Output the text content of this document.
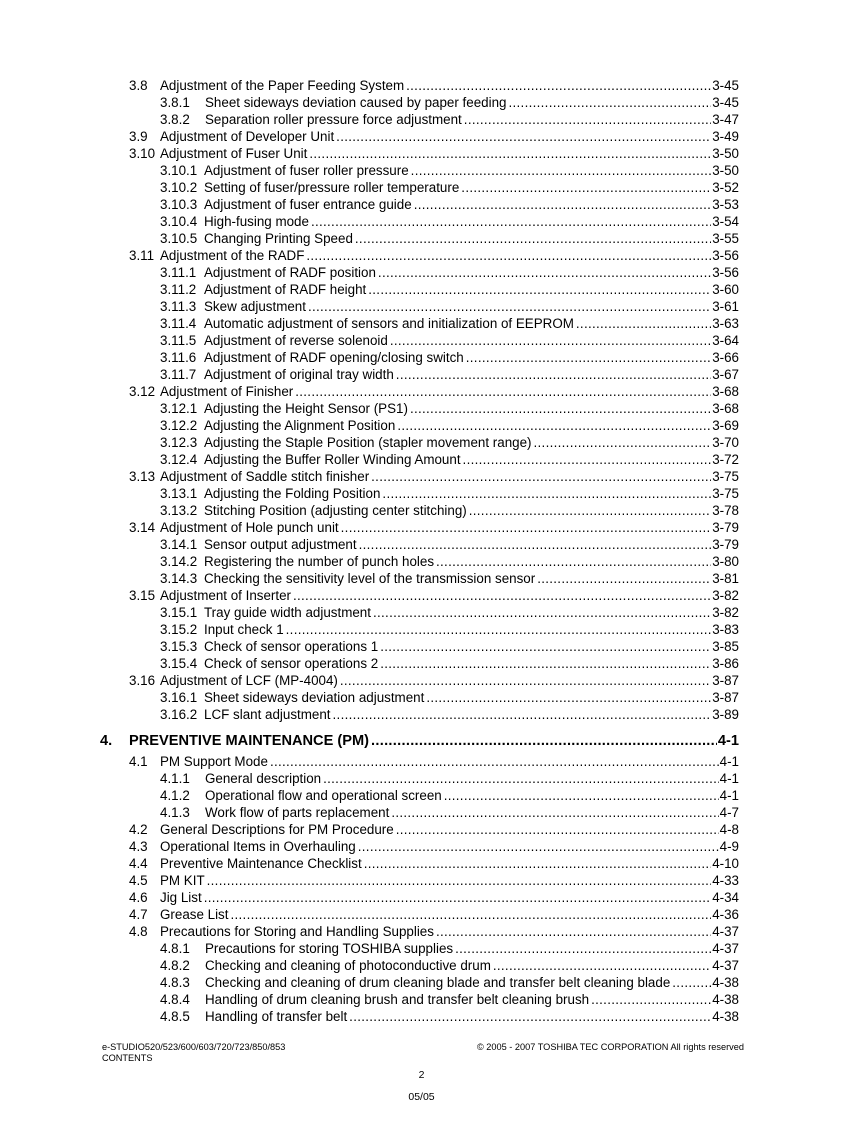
3.8 Adjustment of the Paper Feeding System .....	3-45
3.8.1 Sheet sideways deviation caused by paper feeding .....	3-45
3.8.2 Separation roller pressure force adjustment .....	3-47
3.9 Adjustment of Developer Unit .....	3-49
3.10 Adjustment of Fuser Unit .....	3-50
3.10.1 Adjustment of fuser roller pressure .....	3-50
3.10.2 Setting of fuser/pressure roller temperature .....	3-52
3.10.3 Adjustment of fuser entrance guide .....	3-53
3.10.4 High-fusing mode .....	3-54
3.10.5 Changing Printing Speed .....	3-55
3.11 Adjustment of the RADF .....	3-56
3.11.1 Adjustment of RADF position .....	3-56
3.11.2 Adjustment of RADF height .....	3-60
3.11.3 Skew adjustment .....	3-61
3.11.4 Automatic adjustment of sensors and initialization of EEPROM .....	3-63
3.11.5 Adjustment of reverse solenoid .....	3-64
3.11.6 Adjustment of RADF opening/closing switch .....	3-66
3.11.7 Adjustment of original tray width .....	3-67
3.12 Adjustment of Finisher .....	3-68
3.12.1 Adjusting the Height Sensor (PS1) .....	3-68
3.12.2 Adjusting the Alignment Position .....	3-69
3.12.3 Adjusting the Staple Position (stapler movement range) .....	3-70
3.12.4 Adjusting the Buffer Roller Winding Amount .....	3-72
3.13 Adjustment of Saddle stitch finisher .....	3-75
3.13.1 Adjusting the Folding Position .....	3-75
3.13.2 Stitching Position (adjusting center stitching) .....	3-78
3.14 Adjustment of Hole punch unit .....	3-79
3.14.1 Sensor output adjustment .....	3-79
3.14.2 Registering the number of punch holes .....	3-80
3.14.3 Checking the sensitivity level of the transmission sensor .....	3-81
3.15 Adjustment of Inserter .....	3-82
3.15.1 Tray guide width adjustment .....	3-82
3.15.2 Input check 1 .....	3-83
3.15.3 Check of sensor operations 1 .....	3-85
3.15.4 Check of sensor operations 2 .....	3-86
3.16 Adjustment of LCF (MP-4004) .....	3-87
3.16.1 Sheet sideways deviation adjustment .....	3-87
3.16.2 LCF slant adjustment .....	3-89
4. PREVENTIVE MAINTENANCE (PM) .....	4-1
4.1 PM Support Mode .....	4-1
4.1.1 General description .....	4-1
4.1.2 Operational flow and operational screen .....	4-1
4.1.3 Work flow of parts replacement .....	4-7
4.2 General Descriptions for PM Procedure .....	4-8
4.3 Operational Items in Overhauling .....	4-9
4.4 Preventive Maintenance Checklist .....	4-10
4.5 PM KIT .....	4-33
4.6 Jig List .....	4-34
4.7 Grease List .....	4-36
4.8 Precautions for Storing and Handling Supplies .....	4-37
4.8.1 Precautions for storing TOSHIBA supplies .....	4-37
4.8.2 Checking and cleaning of photoconductive drum .....	4-37
4.8.3 Checking and cleaning of drum cleaning blade and transfer belt cleaning blade .....	4-38
4.8.4 Handling of drum cleaning brush and transfer belt cleaning brush .....	4-38
4.8.5 Handling of transfer belt .....	4-38
e-STUDIO520/523/600/603/720/723/850/853
CONTENTS
© 2005 - 2007 TOSHIBA TEC CORPORATION All rights reserved
2
05/05
